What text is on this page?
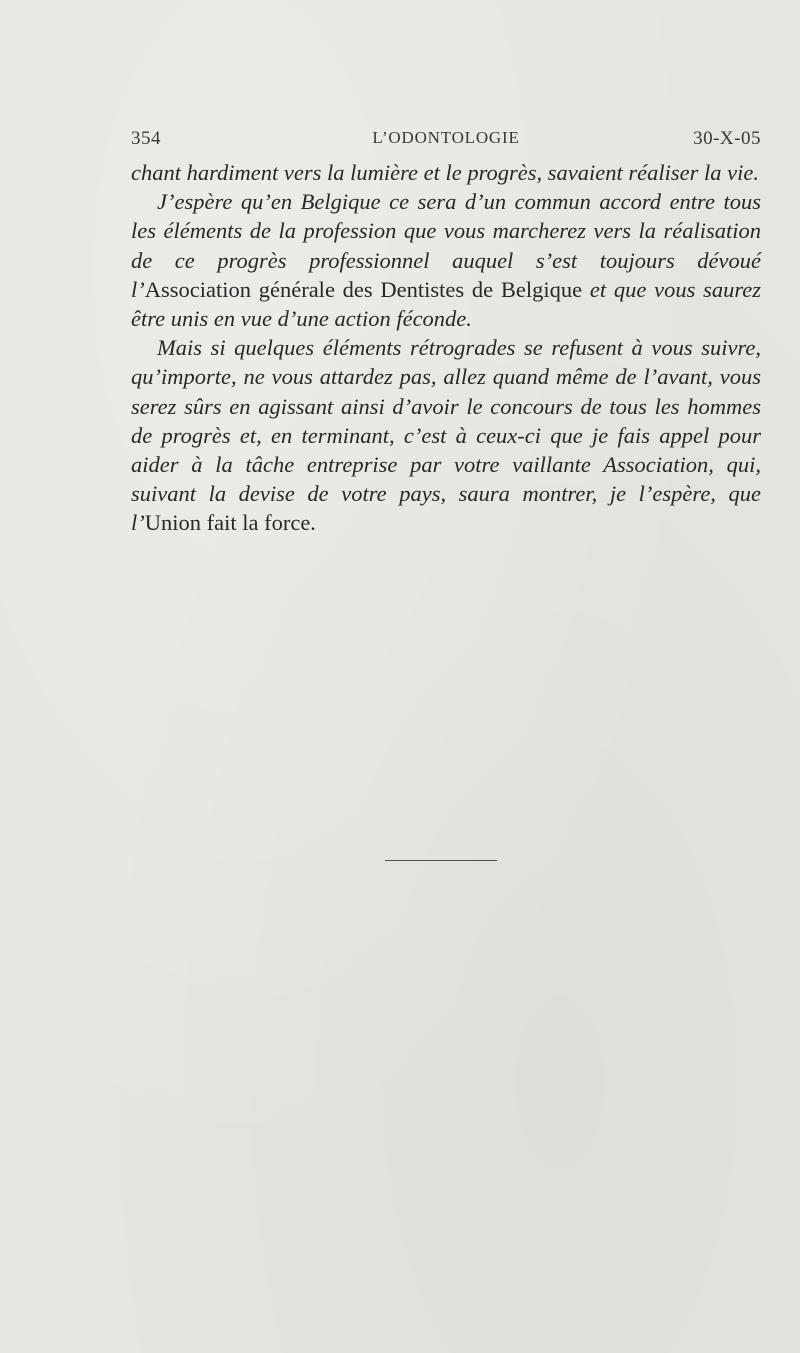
354	L’ODONTOLOGIE	30-X-05

chant hardiment vers la lumière et le progrès, savaient réaliser la vie.

J’espère qu’en Belgique ce sera d’un commun accord entre tous les éléments de la profession que vous marcherez vers la réalisation de ce progrès professionnel auquel s’est toujours dévoué l’Association générale des Dentistes de Belgique et que vous saurez être unis en vue d’une action féconde.

Mais si quelques éléments rétrogrades se refusent à vous suivre, qu’importe, ne vous attardez pas, allez quand même de l’avant, vous serez sûrs en agissant ainsi d’avoir le concours de tous les hommes de progrès et, en terminant, c’est à ceux-ci que je fais appel pour aider à la tâche entreprise par votre vaillante Association, qui, suivant la devise de votre pays, saura montrer, je l’espère, que l’Union fait la force.
